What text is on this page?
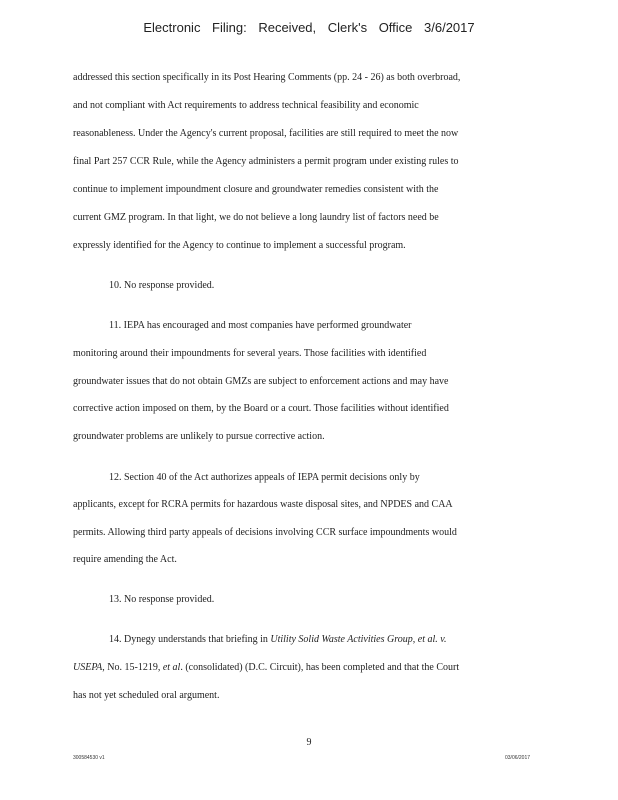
Electronic Filing: Received, Clerk's Office 3/6/2017
addressed this section specifically in its Post Hearing Comments (pp. 24 - 26) as both overbroad,
and not compliant with Act requirements to address technical feasibility and economic
reasonableness. Under the Agency's current proposal, facilities are still required to meet the now
final Part 257 CCR Rule, while the Agency administers a permit program under existing rules to
continue to implement impoundment closure and groundwater remedies consistent with the
current GMZ program. In that light, we do not believe a long laundry list of factors need be
expressly identified for the Agency to continue to implement a successful program.
10. No response provided.
11. IEPA has encouraged and most companies have performed groundwater
monitoring around their impoundments for several years. Those facilities with identified
groundwater issues that do not obtain GMZs are subject to enforcement actions and may have
corrective action imposed on them, by the Board or a court. Those facilities without identified
groundwater problems are unlikely to pursue corrective action.
12. Section 40 of the Act authorizes appeals of IEPA permit decisions only by
applicants, except for RCRA permits for hazardous waste disposal sites, and NPDES and CAA
permits. Allowing third party appeals of decisions involving CCR surface impoundments would
require amending the Act.
13. No response provided.
14. Dynegy understands that briefing in Utility Solid Waste Activities Group, et al. v.
USEPA, No. 15-1219, et al. (consolidated) (D.C. Circuit), has been completed and that the Court
has not yet scheduled oral argument.
9
300584530 v1	03/06/2017
